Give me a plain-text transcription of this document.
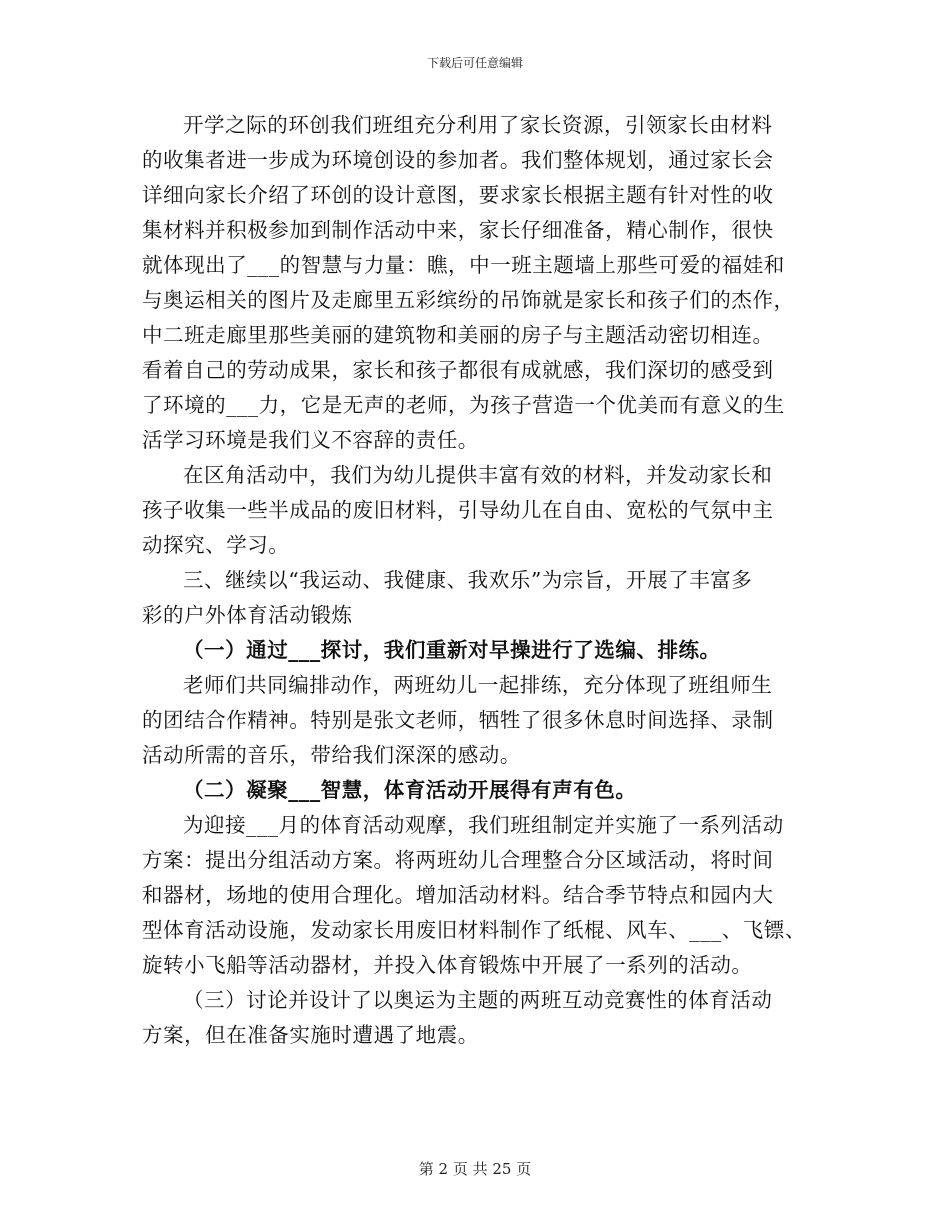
下载后可任意编辑
开学之际的环创我们班组充分利用了家长资源，引领家长由材料
的收集者进一步成为环境创设的参加者。我们整体规划，通过家长会
详细向家长介绍了环创的设计意图，要求家长根据主题有针对性的收
集材料并积极参加到制作活动中来，家长仔细准备，精心制作，很快
就体现出了___的智慧与力量：瞧，中一班主题墙上那些可爱的福娃和
与奥运相关的图片及走廊里五彩缤纷的吊饰就是家长和孩子们的杰作，
中二班走廊里那些美丽的建筑物和美丽的房子与主题活动密切相连。
看着自己的劳动成果，家长和孩子都很有成就感，我们深切的感受到
了环境的___力，它是无声的老师，为孩子营造一个优美而有意义的生
活学习环境是我们义不容辞的责任。
在区角活动中，我们为幼儿提供丰富有效的材料，并发动家长和
孩子收集一些半成品的废旧材料，引导幼儿在自由、宽松的气氛中主
动探究、学习。
三、继续以“我运动、我健康、我欢乐”为宗旨，开展了丰富多
彩的户外体育活动锻炼
（一）通过___探讨，我们重新对早操进行了选编、排练。
老师们共同编排动作，两班幼儿一起排练，充分体现了班组师生
的团结合作精神。特别是张文老师，牺牲了很多休息时间选择、录制
活动所需的音乐，带给我们深深的感动。
（二）凝聚___智慧，体育活动开展得有声有色。
为迎接___月的体育活动观摩，我们班组制定并实施了一系列活动
方案：提出分组活动方案。将两班幼儿合理整合分区域活动，将时间
和器材，场地的使用合理化。增加活动材料。结合季节特点和园内大
型体育活动设施，发动家长用废旧材料制作了纸棍、风车、___、飞镖、
旋转小飞船等活动器材，并投入体育锻炼中开展了一系列的活动。
（三）讨论并设计了以奥运为主题的两班互动竞赛性的体育活动
方案，但在准备实施时遭遇了地震。
第 2 页 共 25 页
